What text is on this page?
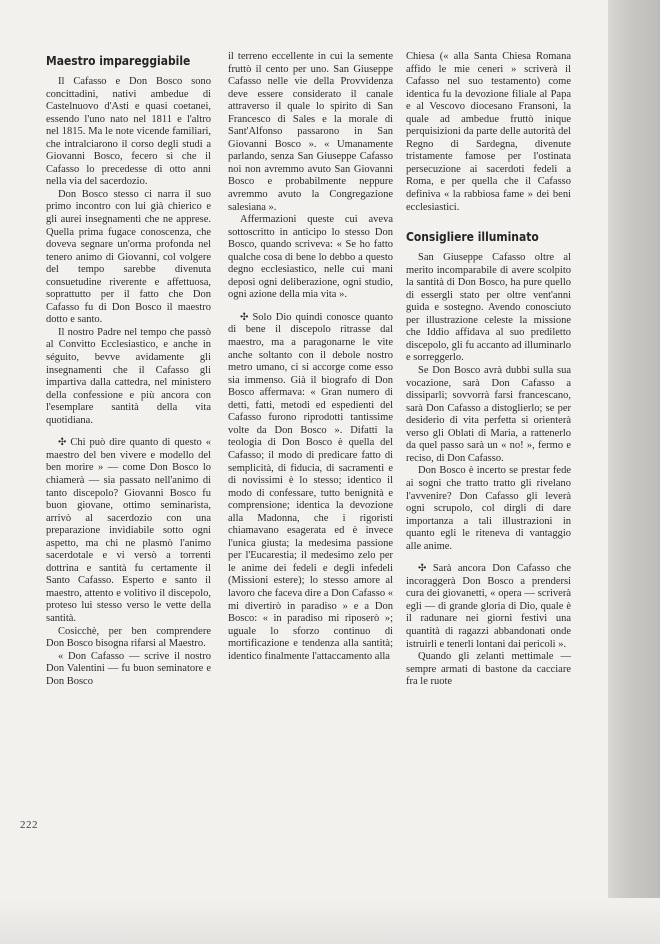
Maestro impareggiabile

Il Cafasso e Don Bosco sono concittadini, nativi ambedue di Castelnuovo d'Asti e quasi coetanei, essendo l'uno nato nel 1811 e l'altro nel 1815. Ma le note vicende familiari, che intralciarono il corso degli studi a Giovanni Bosco, fecero sì che il Cafasso lo precedesse di otto anni nella via del sacerdozio.

Don Bosco stesso ci narra il suo primo incontro con lui già chierico e gli aurei insegnamenti che ne apprese. Quella prima fugace conoscenza, che doveva segnare un'orma profonda nel tenero animo di Giovanni, col volgere del tempo sarebbe divenuta consuetudine riverente e affettuosa, soprattutto per il fatto che Don Cafasso fu di Don Bosco il maestro dotto e santo.

Il nostro Padre nel tempo che passò al Convitto Ecclesiastico, e anche in séguito, bevve avidamente gli insegnamenti che il Cafasso gli impartiva dalla cattedra, nel ministero della confessione e più ancora con l'esemplare santità della vita quotidiana.

✣ Chi può dire quanto di questo « maestro del ben vivere e modello del ben morire » — come Don Bosco lo chiamerà — sia passato nell'animo di tanto discepolo? Giovanni Bosco fu buon giovane, ottimo seminarista, arrivò al sacerdozio con una preparazione invidiabile sotto ogni aspetto, ma chi ne plasmò l'animo sacerdotale e vi versò a torrenti dottrina e santità fu certamente il Santo Cafasso. Esperto e santo il maestro, attento e volitivo il discepolo, proteso lui stesso verso le vette della santità.

Cosicchè, per ben comprendere Don Bosco bisogna rifarsi al Maestro.

« Don Cafasso — scrive il nostro Don Valentini — fu buon seminatore e Don Bosco

il terreno eccellente in cui la semente fruttò il cento per uno. San Giuseppe Cafasso nelle vie della Provvidenza deve essere considerato il canale attraverso il quale lo spirito di San Francesco di Sales e la morale di Sant'Alfonso passarono in San Giovanni Bosco ». « Umanamente parlando, senza San Giuseppe Cafasso noi non avremmo avuto San Giovanni Bosco e probabilmente neppure avremmo avuto la Congregazione salesiana ».

Affermazioni queste cui aveva sottoscritto in anticipo lo stesso Don Bosco, quando scriveva: « Se ho fatto qualche cosa di bene lo debbo a questo degno ecclesiastico, nelle cui mani deposi ogni deliberazione, ogni studio, ogni azione della mia vita ».

✣ Solo Dio quindi conosce quanto di bene il discepolo ritrasse dal maestro, ma a paragonarne le vite anche soltanto con il debole nostro metro umano, ci si accorge come esso sia immenso. Già il biografo di Don Bosco affermava: « Gran numero di detti, fatti, metodi ed espedienti del Cafasso furono riprodotti tantissime volte da Don Bosco ». Difatti la teologia di Don Bosco è quella del Cafasso; il modo di predicare fatto di semplicità, di fiducia, di sacramenti e di novissimi è lo stesso; identico il modo di confessare, tutto benignità e comprensione; identica la devozione alla Madonna, che i rigoristi chiamavano esagerata ed è invece l'unica giusta; la medesima passione per l'Eucarestia; il medesimo zelo per le anime dei fedeli e degli infedeli (Missioni estere); lo stesso amore al lavoro che faceva dire a Don Cafasso « mi divertirò in paradiso » e a Don Bosco: « in paradiso mi riposerò »; uguale lo sforzo continuo di mortificazione e tendenza alla santità; identico finalmente l'attaccamento alla

Chiesa (« alla Santa Chiesa Romana affido le mie ceneri » scriverà il Cafasso nel suo testamento) come identica fu la devozione filiale al Papa e al Vescovo diocesano Fransoni, la quale ad ambedue fruttò inique perquisizioni da parte delle autorità del Regno di Sardegna, divenute tristamente famose per l'ostinata persecuzione ai sacerdoti fedeli a Roma, e per quella che il Cafasso definiva « la rabbiosa fame » dei beni ecclesiastici.

Consigliere illuminato

San Giuseppe Cafasso oltre al merito incomparabile di avere scolpito la santità di Don Bosco, ha pure quello di essergli stato per oltre vent'anni guida e sostegno. Avendo conosciuto per illustrazione celeste la missione che Iddio affidava al suo prediletto discepolo, gli fu accanto ad illuminarlo e sorreggerlo.

Se Don Bosco avrà dubbi sulla sua vocazione, sarà Don Cafasso a dissiparli; sovvorrà farsi francescano, sarà Don Cafasso a distoglierlo; se per desiderio di vita perfetta si orienterà verso gli Oblati di Maria, a rattenerlo da quel passo sarà un « no! », fermo e reciso, di Don Cafasso.

Don Bosco è incerto se prestar fede ai sogni che tratto tratto gli rivelano l'avvenire? Don Cafasso gli leverà ogni scrupolo, col dirgli di dare importanza a tali illustrazioni in quanto egli le riteneva di vantaggio alle anime.

✣ Sarà ancora Don Cafasso che incoraggerà Don Bosco a prendersi cura dei giovanetti, « opera — scriverà egli — di grande gloria di Dio, quale è il radunare nei giorni festivi una quantità di ragazzi abbandonati onde istruirli e tenerli lontani dai pericoli ».

Quando gli zelanti mettimale — sempre armati di bastone da cacciare fra le ruote

222
